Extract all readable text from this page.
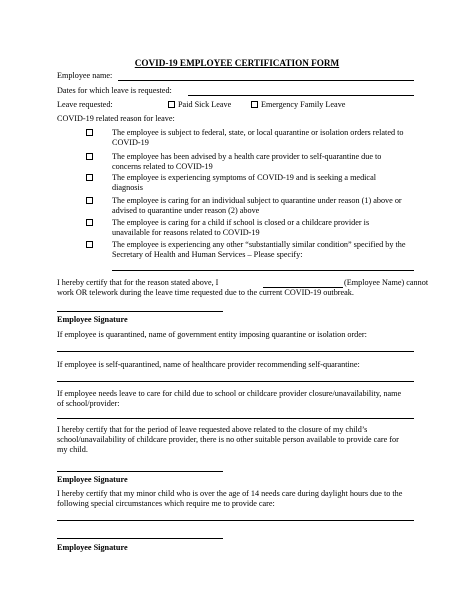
COVID-19 EMPLOYEE CERTIFICATION FORM
Employee name:
Dates for which leave is requested:
Leave requested:	Paid Sick Leave	Emergency Family Leave
COVID-19 related reason for leave:
The employee is subject to federal, state, or local quarantine or isolation orders related to
COVID-19
The employee has been advised by a health care provider to self-quarantine due to
concerns related to COVID-19
The employee is experiencing symptoms of COVID-19 and is seeking a medical
diagnosis
The employee is caring for an individual subject to quarantine under reason (1) above or
advised to quarantine under reason (2) above
The employee is caring for a child if school is closed or a childcare provider is
unavailable for reasons related to COVID-19
The employee is experiencing any other “substantially similar condition” specified by the
Secretary of Health and Human Services – Please specify:
I hereby certify that for the reason stated above, I	(Employee Name) cannot
work OR telework during the leave time requested due to the current COVID-19 outbreak.
Employee Signature
If employee is quarantined, name of government entity imposing quarantine or isolation order:
If employee is self-quarantined, name of healthcare provider recommending self-quarantine:
If employee needs leave to care for child due to school or childcare provider closure/unavailability, name
of school/provider:
I hereby certify that for the period of leave requested above related to the closure of my child’s
school/unavailability of childcare provider, there is no other suitable person available to provide care for
my child.
Employee Signature
I hereby certify that my minor child who is over the age of 14 needs care during daylight hours due to the
following special circumstances which require me to provide care:
Employee Signature
